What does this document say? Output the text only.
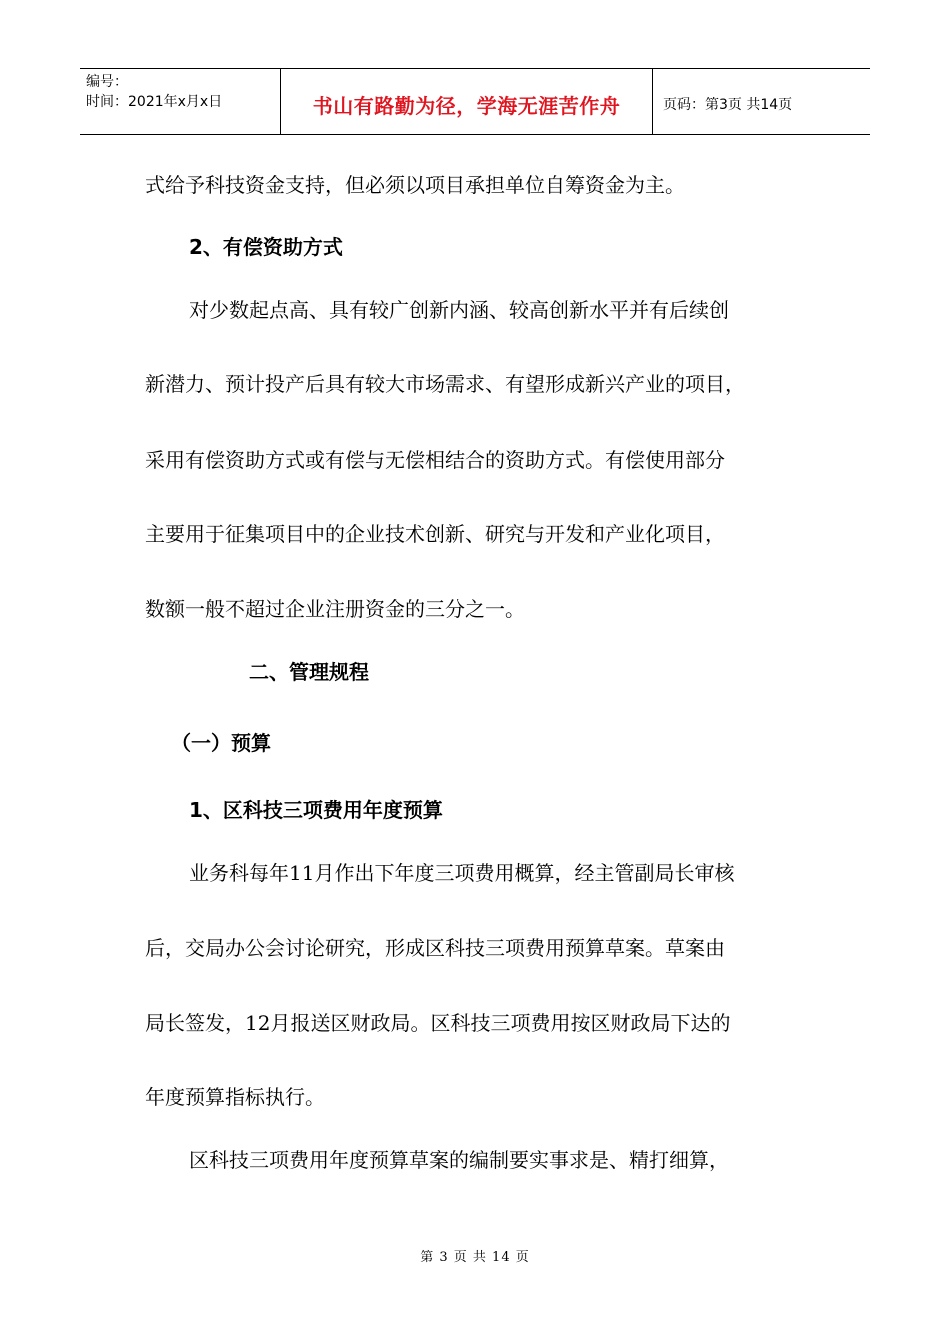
编号：
时间：2021年x月x日	书山有路勤为径，学海无涯苦作舟	页码：第3页 共14页
式给予科技资金支持，但必须以项目承担单位自筹资金为主。
2、有偿资助方式
对少数起点高、具有较广创新内涵、较高创新水平并有后续创
新潜力、预计投产后具有较大市场需求、有望形成新兴产业的项目，
采用有偿资助方式或有偿与无偿相结合的资助方式。有偿使用部分
主要用于征集项目中的企业技术创新、研究与开发和产业化项目，
数额一般不超过企业注册资金的三分之一。
二、管理规程
（一）预算
1、区科技三项费用年度预算
业务科每年11月作出下年度三项费用概算，经主管副局长审核
后，交局办公会讨论研究，形成区科技三项费用预算草案。草案由
局长签发，12月报送区财政局。区科技三项费用按区财政局下达的
年度预算指标执行。
区科技三项费用年度预算草案的编制要实事求是、精打细算，
第 3 页 共 14 页
